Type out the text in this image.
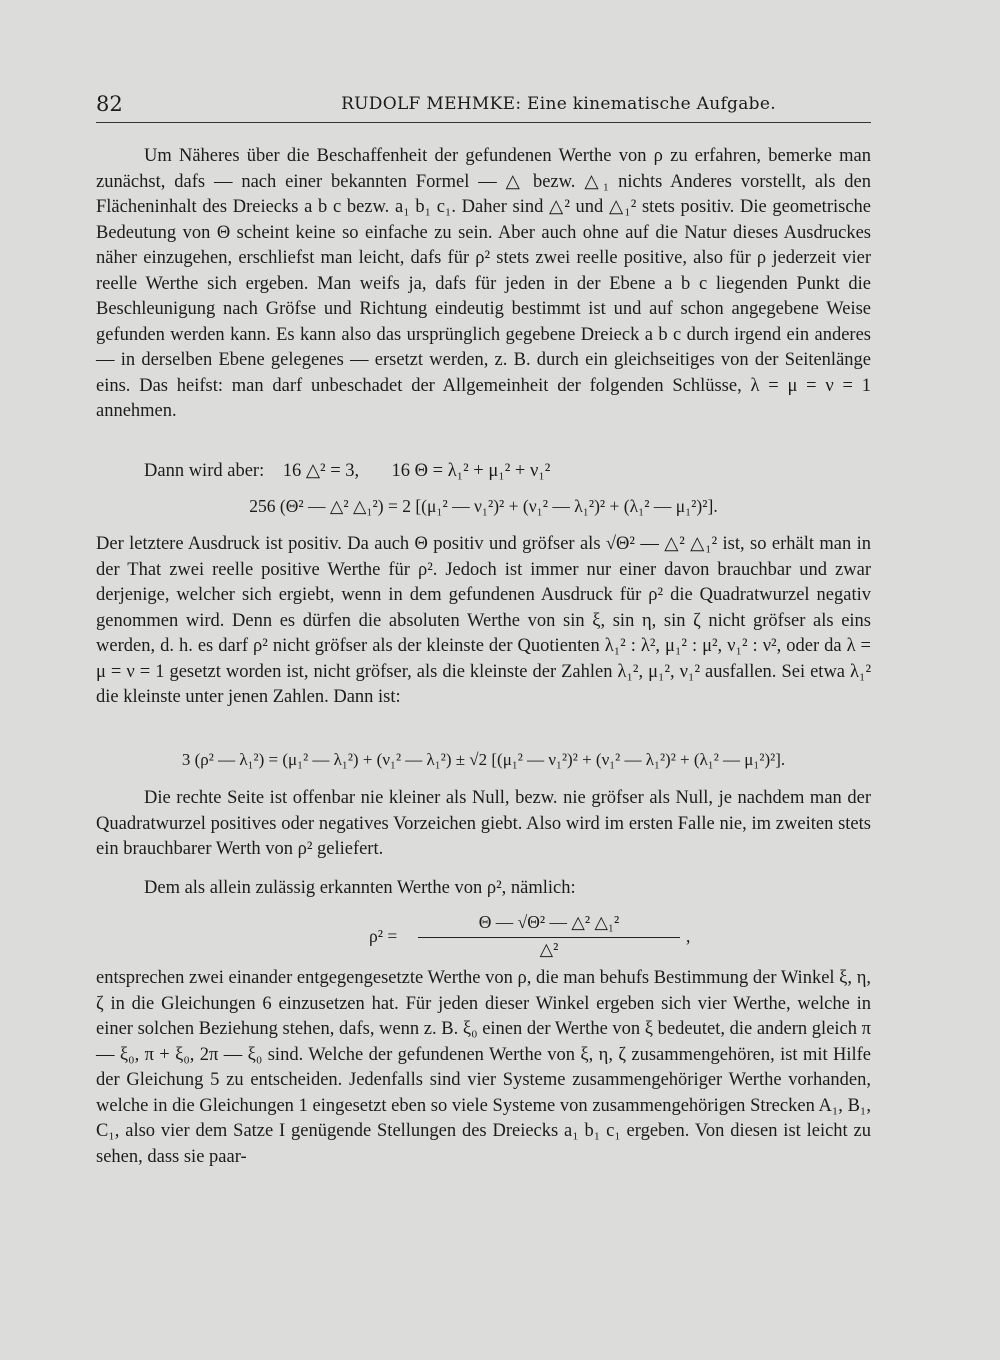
82	RUDOLF MEHMKE: Eine kinematische Aufgabe.

Um Näheres über die Beschaffenheit der gefundenen Werthe von ρ zu erfahren, bemerke man zunächst, dafs — nach einer bekannten Formel — △ bezw. △₁ nichts Anderes vorstellt, als den Flächeninhalt des Dreiecks a b c bezw. a₁ b₁ c₁. Daher sind △² und △₁² stets positiv. Die geometrische Bedeutung von Θ scheint keine so einfache zu sein. Aber auch ohne auf die Natur dieses Ausdruckes näher einzugehen, erschliefst man leicht, dafs für ρ² stets zwei reelle positive, also für ρ jederzeit vier reelle Werthe sich ergeben. Man weifs ja, dafs für jeden in der Ebene a b c liegenden Punkt die Beschleunigung nach Gröfse und Richtung eindeutig bestimmt ist und auf schon angegebene Weise gefunden werden kann. Es kann also das ursprünglich gegebene Dreieck a b c durch irgend ein anderes — in derselben Ebene gelegenes — ersetzt werden, z. B. durch ein gleichseitiges von der Seitenlänge eins. Das heifst: man darf unbeschadet der Allgemeinheit der folgenden Schlüsse, λ = μ = ν = 1 annehmen.

Dann wird aber:    16 △² = 3,       16 Θ = λ₁² + μ₁² + ν₁²
256 (Θ² — △² △₁²) = 2 [(μ₁² — ν₁²)² + (ν₁² — λ₁²)² + (λ₁² — μ₁²)²].

Der letztere Ausdruck ist positiv. Da auch Θ positiv und gröfser als √Θ² — △² △₁² ist, so erhält man in der That zwei reelle positive Werthe für ρ². Jedoch ist immer nur einer davon brauchbar und zwar derjenige, welcher sich ergiebt, wenn in dem gefundenen Ausdruck für ρ² die Quadratwurzel negativ genommen wird. Denn es dürfen die absoluten Werthe von sin ξ, sin η, sin ζ nicht gröfser als eins werden, d. h. es darf ρ² nicht gröfser als der kleinste der Quotienten λ₁² : λ², μ₁² : μ², ν₁² : ν², oder da λ = μ = ν = 1 gesetzt worden ist, nicht gröfser, als die kleinste der Zahlen λ₁², μ₁², ν₁² ausfallen. Sei etwa λ₁² die kleinste unter jenen Zahlen. Dann ist:

3 (ρ² — λ₁²) = (μ₁² — λ₁²) + (ν₁² — λ₁²) ± √2 [(μ₁² — ν₁²)² + (ν₁² — λ₁²)² + (λ₁² — μ₁²)²].

Die rechte Seite ist offenbar nie kleiner als Null, bezw. nie gröfser als Null, je nachdem man der Quadratwurzel positives oder negatives Vorzeichen giebt. Also wird im ersten Falle nie, im zweiten stets ein brauchbarer Werth von ρ² geliefert.

Dem als allein zulässig erkannten Werthe von ρ², nämlich:

ρ² =
Θ — √Θ² — △² △₁²
△²
,

entsprechen zwei einander entgegengesetzte Werthe von ρ, die man behufs Bestimmung der Winkel ξ, η, ζ in die Gleichungen 6 einzusetzen hat. Für jeden dieser Winkel ergeben sich vier Werthe, welche in einer solchen Beziehung stehen, dafs, wenn z. B. ξ₀ einen der Werthe von ξ bedeutet, die andern gleich π — ξ₀, π + ξ₀, 2π — ξ₀ sind. Welche der gefundenen Werthe von ξ, η, ζ zusammengehören, ist mit Hilfe der Gleichung 5 zu entscheiden. Jedenfalls sind vier Systeme zusammengehöriger Werthe vorhanden, welche in die Gleichungen 1 eingesetzt eben so viele Systeme von zusammengehörigen Strecken A₁, B₁, C₁, also vier dem Satze I genügende Stellungen des Dreiecks a₁ b₁ c₁ ergeben. Von diesen ist leicht zu sehen, dass sie paar-
